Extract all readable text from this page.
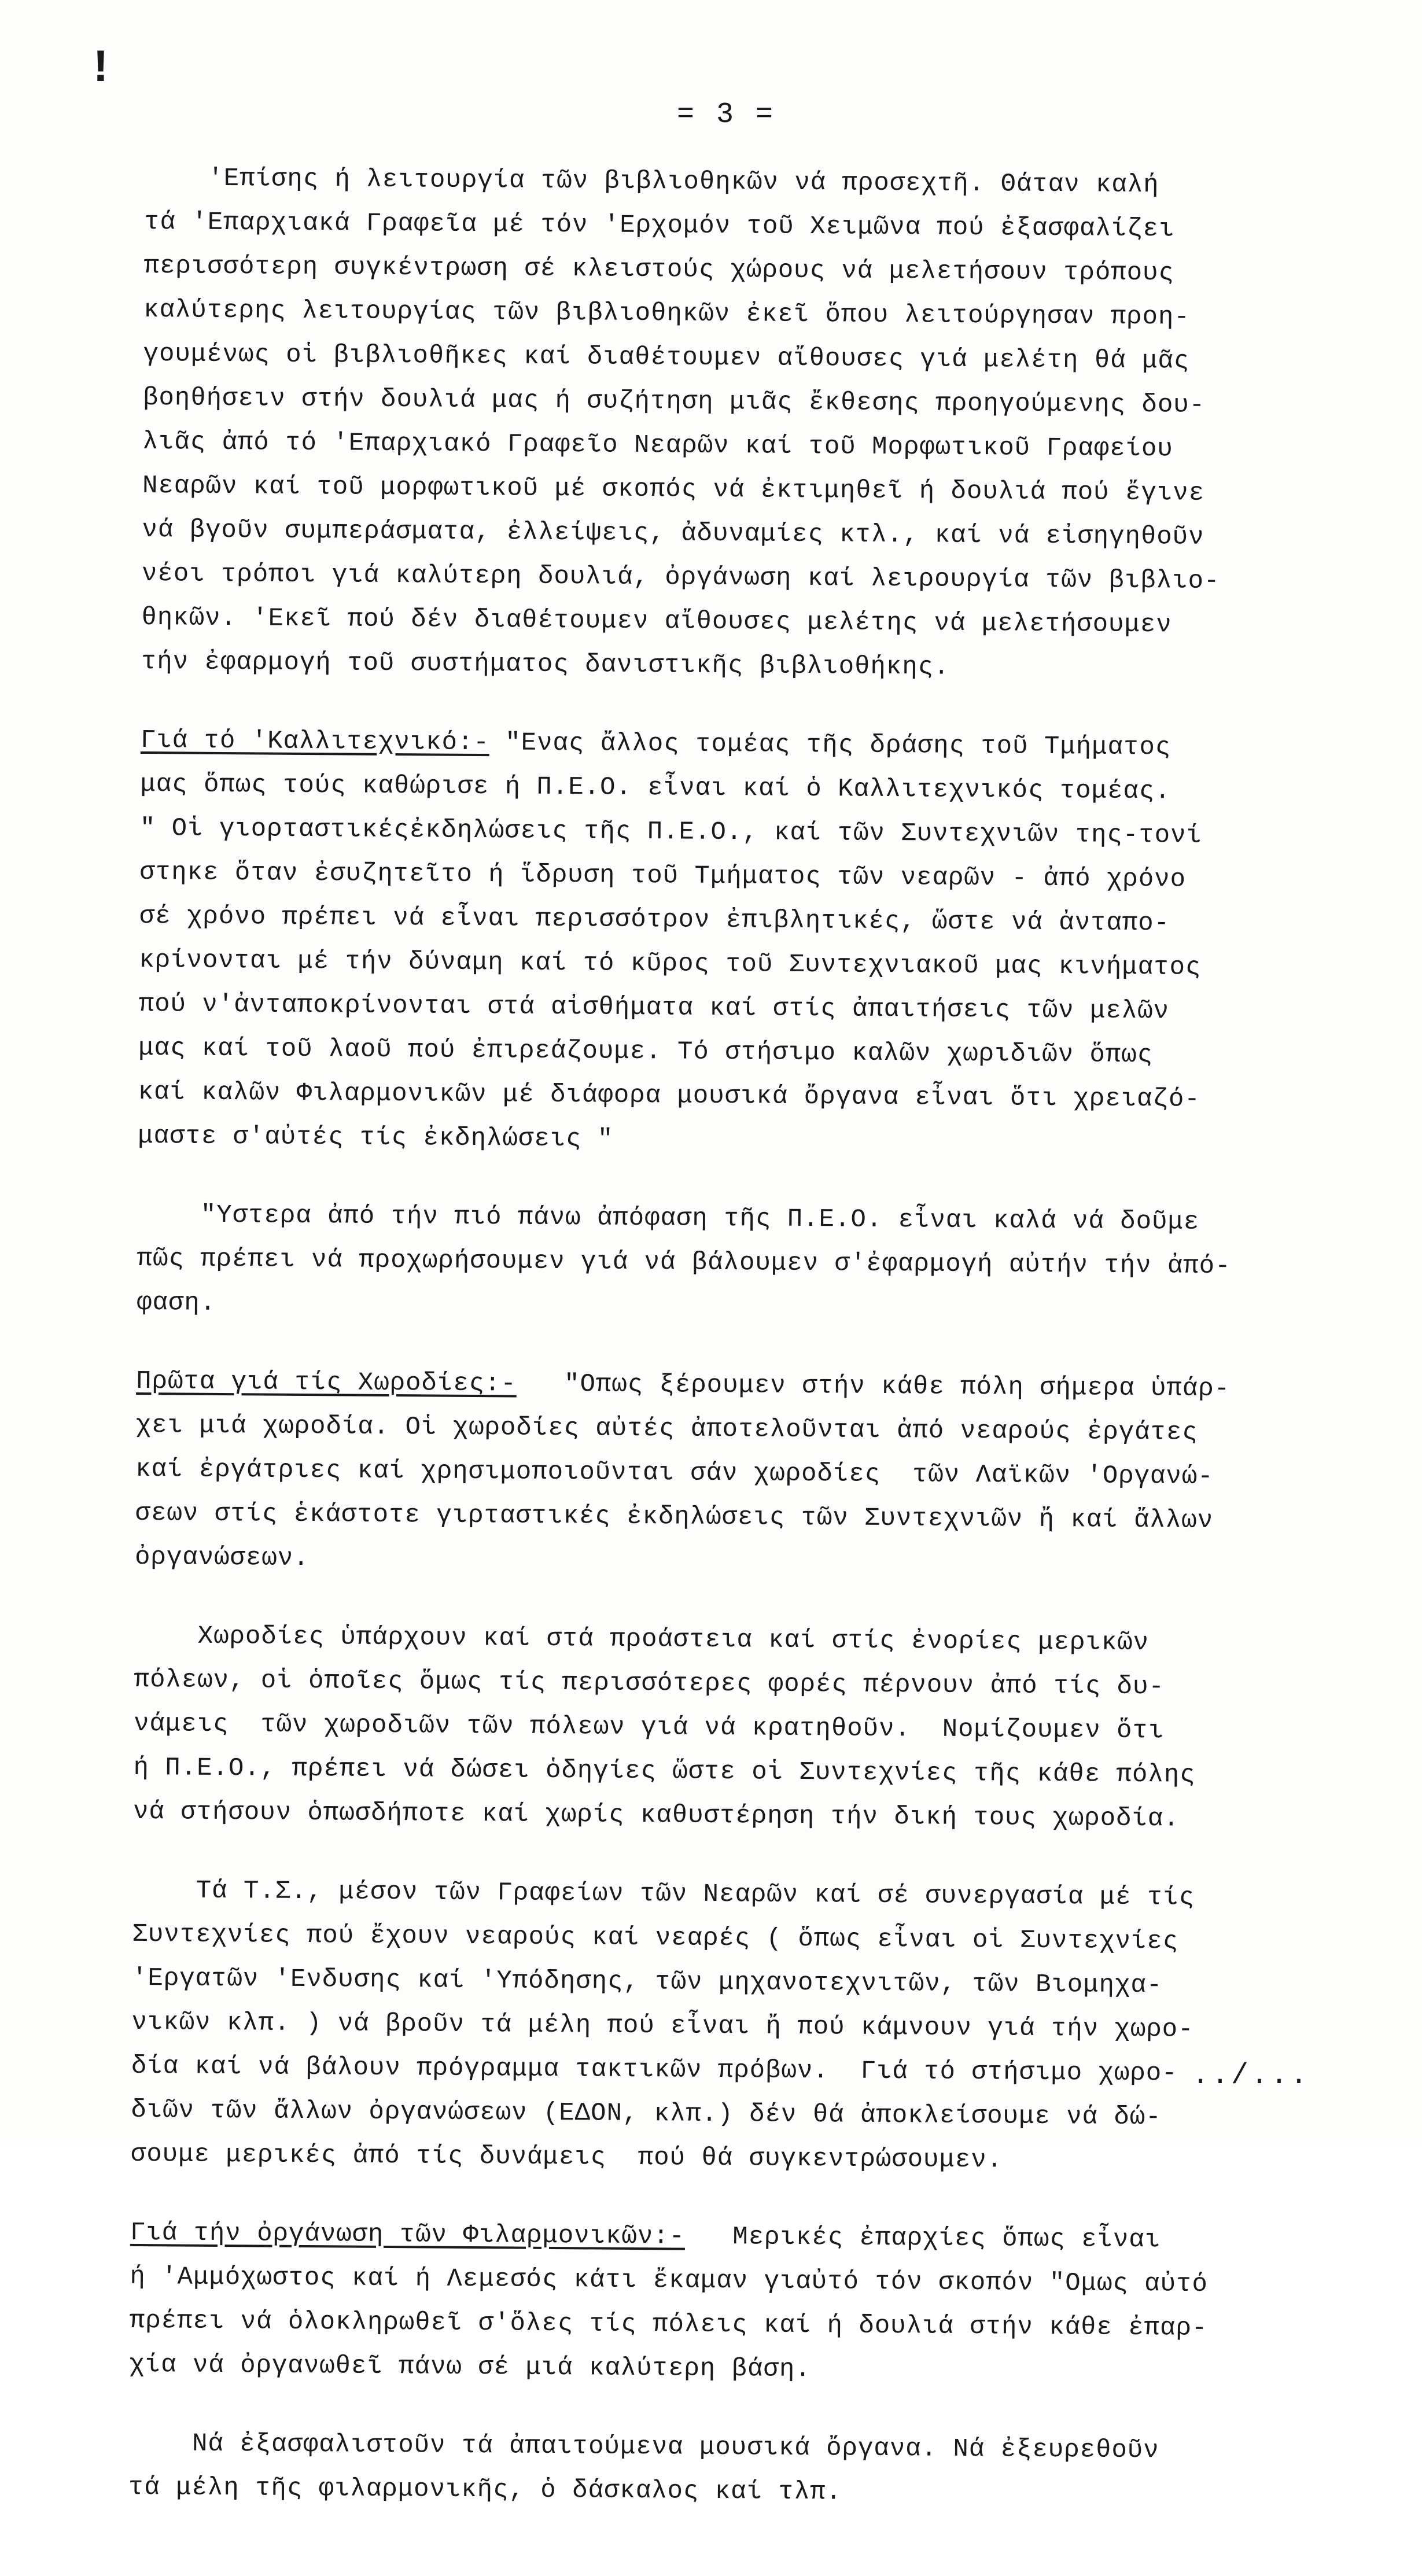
!
= 3 =

'Επίσης ή λειτουργία τῶν βιβλιοθηκῶν νά προσεχτῆ. Θάταν καλή
τά 'Επαρχιακά Γραφεῖα μέ τόν 'Ερχομόν τοῦ Χειμῶνα πού ἐξασφαλίζει
περισσότερη συγκέντρωση σέ κλειστούς χώρους νά μελετήσουν τρόπους
καλύτερης λειτουργίας τῶν βιβλιοθηκῶν ἐκεῖ ὅπου λειτούργησαν προη-
γουμένως οἱ βιβλιοθῆκες καί διαθέτουμεν αἴθουσες γιά μελέτη θά μᾶς
βοηθήσειν στήν δουλιά μας ή συζήτηση μιᾶς ἔκθεσης προηγούμενης δου-
λιᾶς ἀπό τό 'Επαρχιακό Γραφεῖο Νεαρῶν καί τοῦ Μορφωτικοῦ Γραφείου
Νεαρῶν καί τοῦ μορφωτικοῦ μέ σκοπός νά ἐκτιμηθεῖ ή δουλιά πού ἔγινε
νά βγοῦν συμπεράσματα, ἐλλείψεις, ἀδυναμίες κτλ., καί νά εἰσηγηθοῦν
νέοι τρόποι γιά καλύτερη δουλιά, ὀργάνωση καί λειρουργία τῶν βιβλιο-
θηκῶν. 'Εκεῖ πού δέν διαθέτουμεν αἴθουσες μελέτης νά μελετήσουμεν
τήν ἐφαρμογή τοῦ συστήματος δανιστικῆς βιβλιοθήκης.

Γιά τό 'Καλλιτεχνικό:- "Ενας ἄλλος τομέας τῆς δράσης τοῦ Τμήματος
μας ὅπως τούς καθώρισε ή Π.Ε.Ο. εἶναι καί ὁ Καλλιτεχνικός τομέας.
" Οἱ γιορταστικέςἐκδηλώσεις τῆς Π.Ε.Ο., καί τῶν Συντεχνιῶν της-τονί
στηκε ὅταν ἐσυζητεῖτο ή ἵδρυση τοῦ Τμήματος τῶν νεαρῶν - ἀπό χρόνο
σέ χρόνο πρέπει νά εἶναι περισσότρον ἐπιβλητικές, ὥστε νά ἀνταπο-
κρίνονται μέ τήν δύναμη καί τό κῦρος τοῦ Συντεχνιακοῦ μας κινήματος
πού ν'ἀνταποκρίνονται στά αἰσθήματα καί στίς ἀπαιτήσεις τῶν μελῶν
μας καί τοῦ λαοῦ πού ἐπιρεάζουμε. Τό στήσιμο καλῶν χωριδιῶν ὅπως
καί καλῶν Φιλαρμονικῶν μέ διάφορα μουσικά ὄργανα εἶναι ὅτι χρειαζό-
μαστε σ'αὐτές τίς ἐκδηλώσεις "

"Υστερα ἀπό τήν πιό πάνω ἀπόφαση τῆς Π.Ε.Ο. εἶναι καλά νά δοῦμε
πῶς πρέπει νά προχωρήσουμεν γιά νά βάλουμεν σ'ἐφαρμογή αὐτήν τήν ἀπό-
φαση.

Πρῶτα γιά τίς Χωροδίες:-   "Οπως ξέρουμεν στήν κάθε πόλη σήμερα ὑπάρ-
χει μιά χωροδία. Οἱ χωροδίες αὐτές ἀποτελοῦνται ἀπό νεαρούς ἐργάτες
καί ἐργάτριες καί χρησιμοποιοῦνται σάν χωροδίες  τῶν Λαϊκῶν 'Οργανώ-
σεων στίς ἑκάστοτε γιρταστικές ἐκδηλώσεις τῶν Συντεχνιῶν ἤ καί ἄλλων
ὀργανώσεων.

Χωροδίες ὑπάρχουν καί στά προάστεια καί στίς ἐνορίες μερικῶν
πόλεων, οἱ ὁποῖες ὅμως τίς περισσότερες φορές πέρνουν ἀπό τίς δυ-
νάμεις  τῶν χωροδιῶν τῶν πόλεων γιά νά κρατηθοῦν.  Νομίζουμεν ὅτι
ή Π.Ε.Ο., πρέπει νά δώσει ὁδηγίες ὥστε οἱ Συντεχνίες τῆς κάθε πόλης
νά στήσουν ὁπωσδήποτε καί χωρίς καθυστέρηση τήν δική τους χωροδία.

Τά Τ.Σ., μέσον τῶν Γραφείων τῶν Νεαρῶν καί σέ συνεργασία μέ τίς
Συντεχνίες πού ἔχουν νεαρούς καί νεαρές ( ὅπως εἶναι οἱ Συντεχνίες
'Εργατῶν 'Ενδυσης καί 'Υπόδησης, τῶν μηχανοτεχνιτῶν, τῶν Βιομηχα-
νικῶν κλπ. ) νά βροῦν τά μέλη πού εἶναι ἤ πού κάμνουν γιά τήν χωρο-
δία καί νά βάλουν πρόγραμμα τακτικῶν πρόβων.  Γιά τό στήσιμο χωρο-
διῶν τῶν ἄλλων ὀργανώσεων (ΕΔΟΝ, κλπ.) δέν θά ἀποκλείσουμε νά δώ-
σουμε μερικές ἀπό τίς δυνάμεις  πού θά συγκεντρώσουμεν.

Γιά τήν ὀργάνωση τῶν Φιλαρμονικῶν:-   Μερικές ἐπαρχίες ὅπως εἶναι
ή 'Αμμόχωστος καί ή Λεμεσός κάτι ἔκαμαν γιαὐτό τόν σκοπόν "Ομως αὐτό
πρέπει νά ὁλοκληρωθεῖ σ'ὅλες τίς πόλεις καί ή δουλιά στήν κάθε ἐπαρ-
χία νά ὀργανωθεῖ πάνω σέ μιά καλύτερη βάση.

Νά ἐξασφαλιστοῦν τά ἀπαιτούμενα μουσικά ὄργανα. Νά ἐξευρεθοῦν
τά μέλη τῆς φιλαρμονικῆς, ὁ δάσκαλος καί τλπ.

../...
